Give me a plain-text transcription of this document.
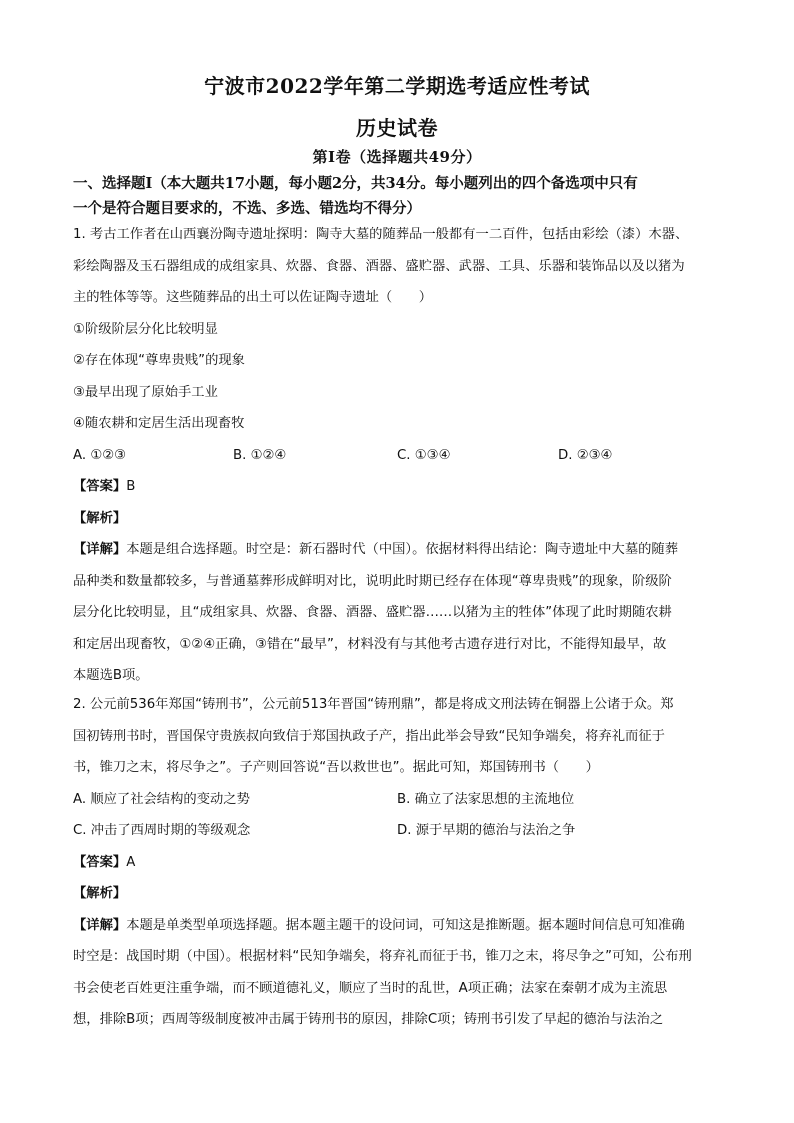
宁波市2022学年第二学期选考适应性考试
历史试卷
第I卷（选择题共49分）
一、选择题Ⅰ（本大题共17小题，每小题2分，共34分。每小题列出的四个备选项中只有
一个是符合题目要求的，不选、多选、错选均不得分）
1. 考古工作者在山西襄汾陶寺遗址探明：陶寺大墓的随葬品一般都有一二百件，包括由彩绘（漆）木器、
彩绘陶器及玉石器组成的成组家具、炊器、食器、酒器、盛贮器、武器、工具、乐器和装饰品以及以猪为
主的牲体等等。这些随葬品的出土可以佐证陶寺遗址（　　）
①阶级阶层分化比较明显
②存在体现“尊卑贵贱”的现象
③最早出现了原始手工业
④随农耕和定居生活出现畜牧
A. ①②③	B. ①②④	C. ①③④	D. ②③④
【答案】B
【解析】
【详解】本题是组合选择题。时空是：新石器时代（中国）。依据材料得出结论：陶寺遗址中大墓的随葬
品种类和数量都较多，与普通墓葬形成鲜明对比，说明此时期已经存在体现“尊卑贵贱”的现象，阶级阶
层分化比较明显，且“成组家具、炊器、食器、酒器、盛贮器……以猪为主的牲体”体现了此时期随农耕
和定居出现畜牧，①②④正确，③错在“最早”，材料没有与其他考古遗存进行对比，不能得知最早，故
本题选B项。
2. 公元前536年郑国“铸刑书”，公元前513年晋国“铸刑鼎”，都是将成文刑法铸在铜器上公诸于众。郑
国初铸刑书时，晋国保守贵族叔向致信于郑国执政子产，指出此举会导致“民知争端矣，将弃礼而征于
书，锥刀之末，将尽争之”。子产则回答说“吾以救世也”。据此可知，郑国铸刑书（　　）
A. 顺应了社会结构的变动之势	B. 确立了法家思想的主流地位
C. 冲击了西周时期的等级观念	D. 源于早期的德治与法治之争
【答案】A
【解析】
【详解】本题是单类型单项选择题。据本题主题干的设问词，可知这是推断题。据本题时间信息可知准确
时空是：战国时期（中国）。根据材料“民知争端矣，将弃礼而征于书，锥刀之末，将尽争之”可知，公布刑
书会使老百姓更注重争端，而不顾道德礼义，顺应了当时的乱世，A项正确；法家在秦朝才成为主流思
想，排除B项；西周等级制度被冲击属于铸刑书的原因，排除C项；铸刑书引发了早起的德治与法治之
